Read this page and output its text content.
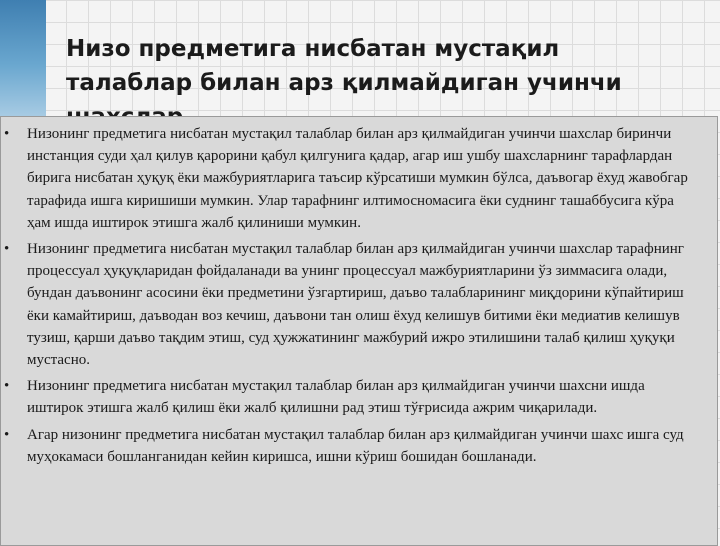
Низо предметига нисбатан мустақил талаблар билан арз қилмайдиган учинчи
• Низонинг предметига нисбатан мустақил талаблар билан арз қилмайдиган учинчи шахслар биринчи инстанция суди ҳал қилув қарорини қабул қилгунига қадар, агар иш ушбу шахсларнинг тарафлардан бирига нисбатан ҳуқуқ ёки мажбуриятларига таъсир кўрсатиши мумкин бўлса, даъвогар ёхуд жавобгар тарафида ишга киришиши мумкин. Улар тарафнинг илтимосномасига ёки суднинг ташаббусига кўра ҳам ишда иштирок этишга жалб қилиниши мумкин.
• Низонинг предметига нисбатан мустақил талаблар билан арз қилмайдиган учинчи шахслар тарафнинг процессуал ҳуқуқларидан фойдаланади ва унинг процессуал мажбуриятларини ўз зиммасига олади, бундан даъвонинг асосини ёки предметини ўзгартириш, даъво талабларининг миқдорини кўпайтириш ёки камайтириш, даъводан воз кечиш, даъвони тан олиш ёхуд келишув битими ёки медиатив келишув тузиш, қарши даъво тақдим этиш, суд ҳужжатининг мажбурий ижро этилишини талаб қилиш ҳуқуқи мустасно.
• Низонинг предметига нисбатан мустақил талаблар билан арз қилмайдиган учинчи шахсни ишда иштирок этишга жалб қилиш ёки жалб қилишни рад этиш тўғрисида ажрим чиқарилади.
• Агар низонинг предметига нисбатан мустақил талаблар билан арз қилмайдиган учинчи шахс ишга суд муҳокамаси бошланганидан кейин киришса, ишни кўриш бошидан бошланади.
